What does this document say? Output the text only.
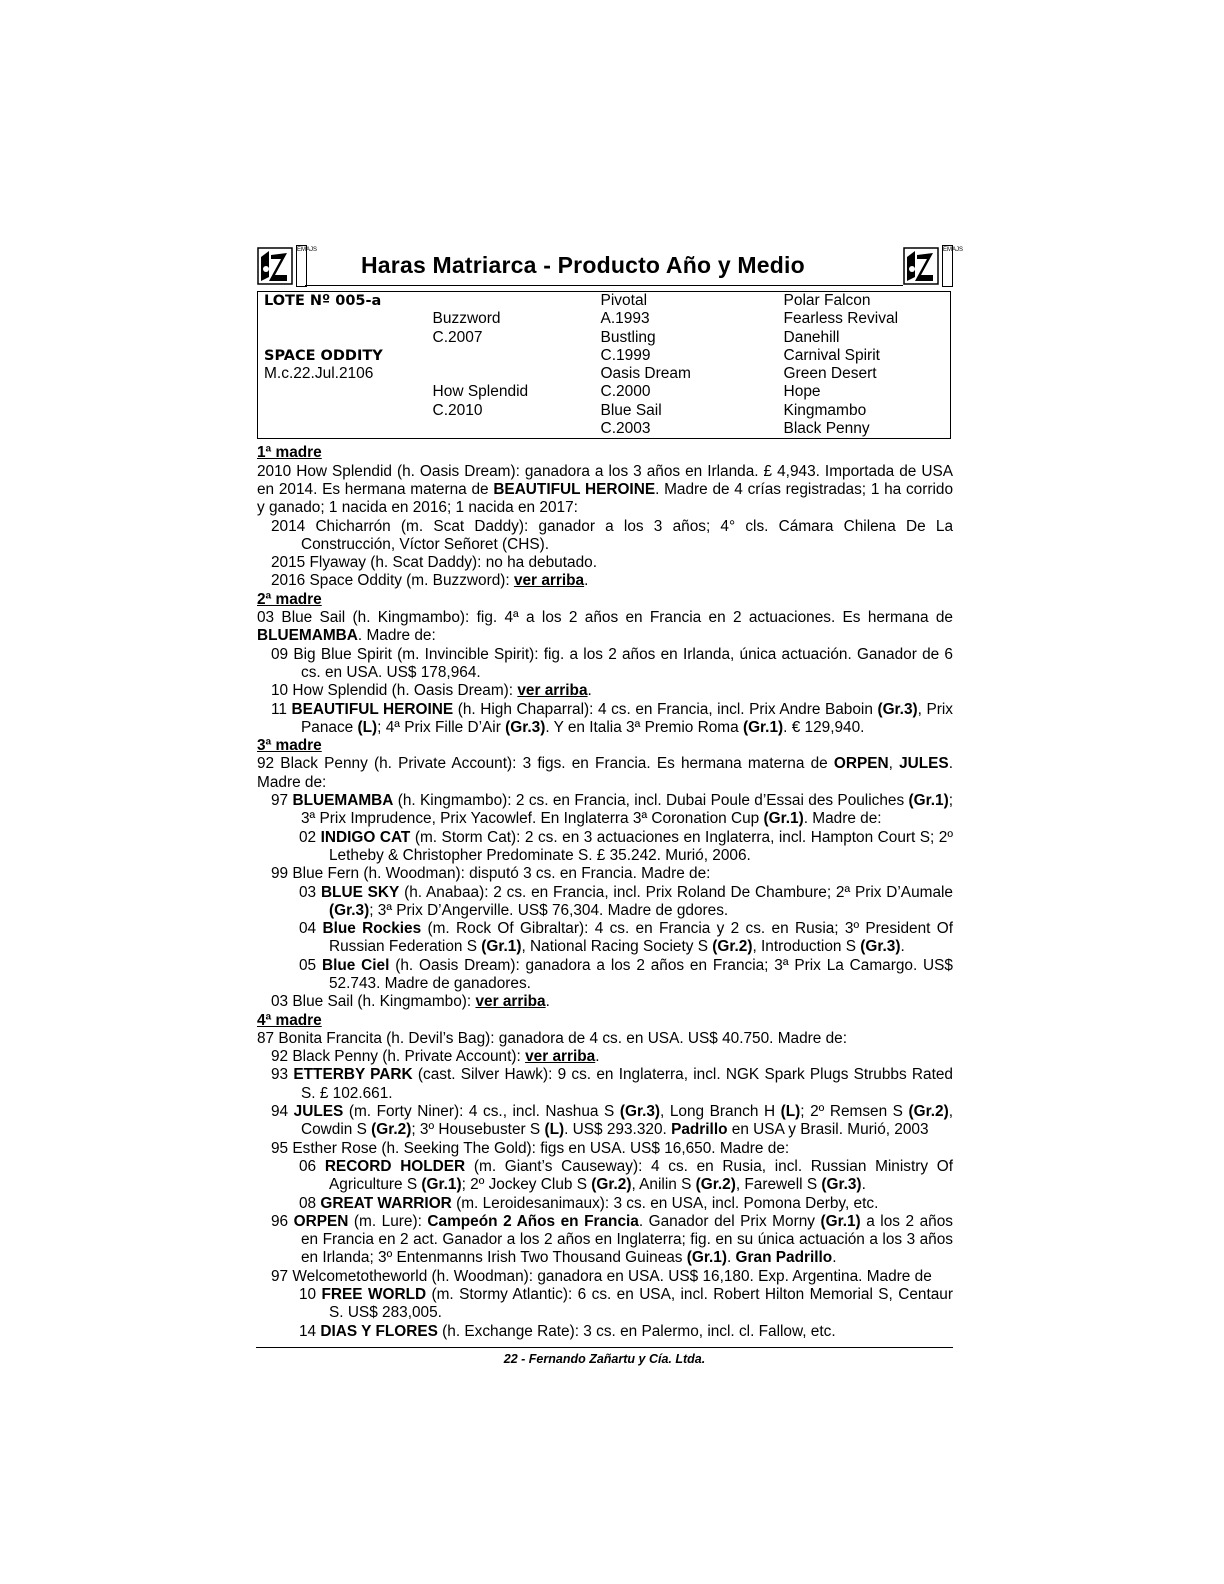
EMAJS
Haras Matriarca - Producto Año y Medio
EMAJS
LOTE Nº 005-a		Pivotal	Polar Falcon
	Buzzword	A.1993	Fearless Revival
	C.2007	Bustling	Danehill
SPACE ODDITY		C.1999	Carnival Spirit
M.c.22.Jul.2106		Oasis Dream	Green Desert
	How Splendid	C.2000	Hope
	C.2010	Blue Sail	Kingmambo
		C.2003	Black Penny
1ª madre
2010 How Splendid (h. Oasis Dream): ganadora a los 3 años en Irlanda. £ 4,943. Importada de USA en 2014. Es hermana materna de BEAUTIFUL HEROINE. Madre de 4 crías registradas; 1 ha corrido y ganado; 1 nacida en 2016; 1 nacida en 2017:
2014 Chicharrón (m. Scat Daddy): ganador a los 3 años; 4° cls. Cámara Chilena De La Construcción, Víctor Señoret (CHS).
2015 Flyaway (h. Scat Daddy): no ha debutado.
2016 Space Oddity (m. Buzzword): ver arriba.
2ª madre
03 Blue Sail (h. Kingmambo): fig. 4ª a los 2 años en Francia en 2 actuaciones. Es hermana de BLUEMAMBA. Madre de:
09 Big Blue Spirit (m. Invincible Spirit): fig. a los 2 años en Irlanda, única actuación. Ganador de 6 cs. en USA. US$ 178,964.
10 How Splendid (h. Oasis Dream): ver arriba.
11 BEAUTIFUL HEROINE (h. High Chaparral): 4 cs. en Francia, incl. Prix Andre Baboin (Gr.3), Prix Panace (L); 4ª Prix Fille D’Air (Gr.3). Y en Italia 3ª Premio Roma (Gr.1). € 129,940.
3ª madre
92 Black Penny (h. Private Account): 3 figs. en Francia. Es hermana materna de ORPEN, JULES. Madre de:
97 BLUEMAMBA (h. Kingmambo): 2 cs. en Francia, incl. Dubai Poule d’Essai des Pouliches (Gr.1); 3ª Prix Imprudence, Prix Yacowlef. En Inglaterra 3ª Coronation Cup (Gr.1). Madre de:
02 INDIGO CAT (m. Storm Cat): 2 cs. en 3 actuaciones en Inglaterra, incl. Hampton Court S; 2º Letheby & Christopher Predominate S. £ 35.242. Murió, 2006.
99 Blue Fern (h. Woodman): disputó 3 cs. en Francia. Madre de:
03 BLUE SKY (h. Anabaa): 2 cs. en Francia, incl. Prix Roland De Chambure; 2ª Prix D’Aumale (Gr.3); 3ª Prix D’Angerville. US$ 76,304. Madre de gdores.
04 Blue Rockies (m. Rock Of Gibraltar): 4 cs. en Francia y 2 cs. en Rusia; 3º President Of Russian Federation S (Gr.1), National Racing Society S (Gr.2), Introduction S (Gr.3).
05 Blue Ciel (h. Oasis Dream): ganadora a los 2 años en Francia; 3ª Prix La Camargo. US$ 52.743. Madre de ganadores.
03 Blue Sail (h. Kingmambo): ver arriba.
4ª madre
87 Bonita Francita (h. Devil’s Bag): ganadora de 4 cs. en USA. US$ 40.750. Madre de:
92 Black Penny (h. Private Account): ver arriba.
93 ETTERBY PARK (cast. Silver Hawk): 9 cs. en Inglaterra, incl. NGK Spark Plugs Strubbs Rated S. £ 102.661.
94 JULES (m. Forty Niner): 4 cs., incl. Nashua S (Gr.3), Long Branch H (L); 2º Remsen S (Gr.2), Cowdin S (Gr.2); 3º Housebuster S (L). US$ 293.320. Padrillo en USA y Brasil. Murió, 2003
95 Esther Rose (h. Seeking The Gold): figs en USA. US$ 16,650. Madre de:
06 RECORD HOLDER (m. Giant’s Causeway): 4 cs. en Rusia, incl. Russian Ministry Of Agriculture S (Gr.1); 2º Jockey Club S (Gr.2), Anilin S (Gr.2), Farewell S (Gr.3).
08 GREAT WARRIOR (m. Leroidesanimaux): 3 cs. en USA, incl. Pomona Derby, etc.
96 ORPEN (m. Lure): Campeón 2 Años en Francia. Ganador del Prix Morny (Gr.1) a los 2 años en Francia en 2 act. Ganador a los 2 años en Inglaterra; fig. en su única actuación a los 3 años en Irlanda; 3º Entenmanns Irish Two Thousand Guineas (Gr.1). Gran Padrillo.
97 Welcometotheworld (h. Woodman): ganadora en USA. US$ 16,180. Exp. Argentina. Madre de
10 FREE WORLD (m. Stormy Atlantic): 6 cs. en USA, incl. Robert Hilton Memorial S, Centaur S. US$ 283,005.
14 DIAS Y FLORES (h. Exchange Rate): 3 cs. en Palermo, incl. cl. Fallow, etc.
22 - Fernando Zañartu y Cía. Ltda.
